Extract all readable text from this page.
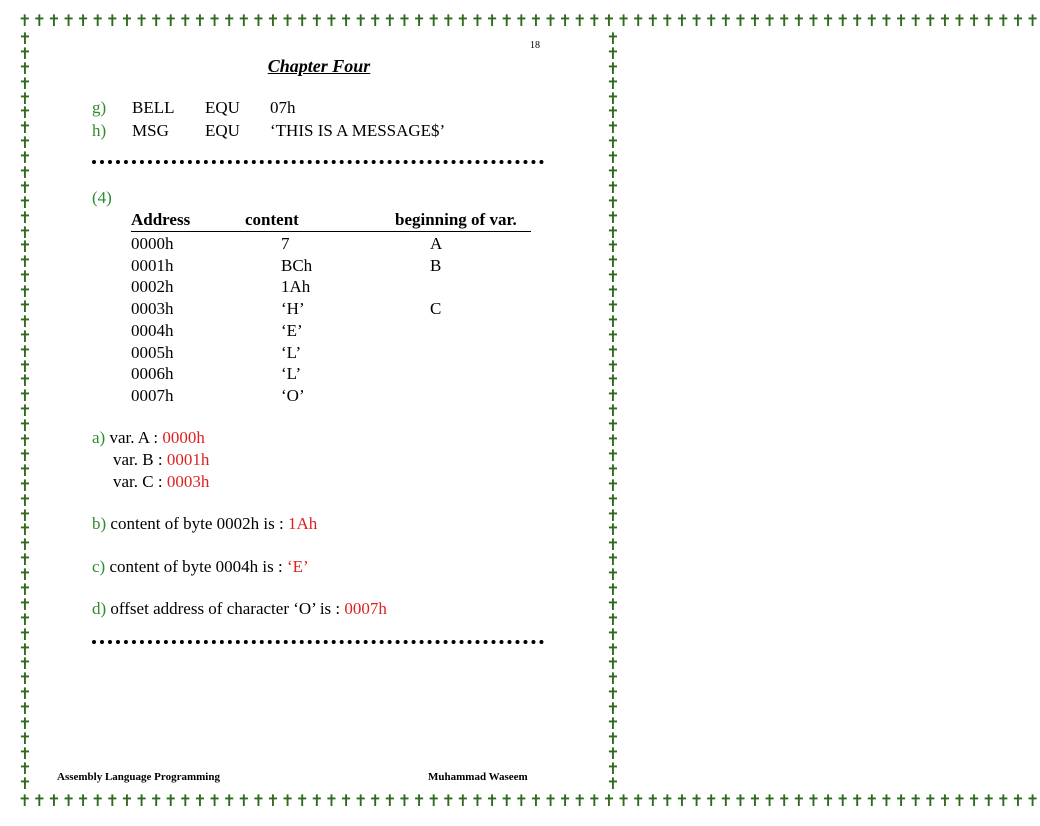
✝✝✝✝✝✝✝✝✝✝✝✝✝✝✝✝✝✝✝✝✝✝✝✝✝✝✝✝✝✝✝✝✝✝✝✝✝✝✝✝✝✝✝✝✝✝✝✝✝✝✝✝✝✝✝✝✝✝✝✝✝✝✝✝✝✝✝✝✝✝
✝✝✝✝✝✝✝✝✝✝✝✝✝✝✝✝✝✝✝✝✝✝✝✝✝✝✝✝✝✝✝✝✝✝✝✝✝✝✝✝✝✝✝✝✝✝✝✝✝✝✝✝✝✝✝✝✝✝✝✝✝✝✝✝✝✝✝✝✝✝
✝
✝
✝
✝
✝
✝
✝
✝
✝
✝
✝
✝
✝
✝
✝
✝
✝
✝
✝
✝
✝
✝
✝
✝
✝
✝
✝
✝
✝
✝
✝
✝
✝
✝
✝
✝
✝
✝
✝
✝
✝
✝
✝
✝
✝
✝
✝
✝
✝
✝
✝
✝
✝
✝
✝
✝
✝
✝
✝
✝
✝
✝
✝
✝
✝
✝
✝
✝
✝
✝
✝
✝
✝
✝
✝
✝
✝
✝
✝
✝
✝
✝
✝
✝
✝
✝
✝
✝
✝
✝
✝
✝
✝
✝
✝
✝
✝
✝
✝
✝
✝
✝
18
Chapter Four
g) BELL EQU 07h
h) MSG EQU ‘THIS IS A MESSAGE$’
(4)
Address	content	beginning of var.
0000h	7	A
0001h	BCh	B
0002h	1Ah
0003h	‘H’	C
0004h	‘E’
0005h	‘L’
0006h	‘L’
0007h	‘O’
a) var. A : 0000h
var. B : 0001h
var. C : 0003h
b) content of byte 0002h is : 1Ah
c) content of byte 0004h is : ‘E’
d) offset address of character ‘O’ is : 0007h
Assembly Language Programming	Muhammad Waseem
